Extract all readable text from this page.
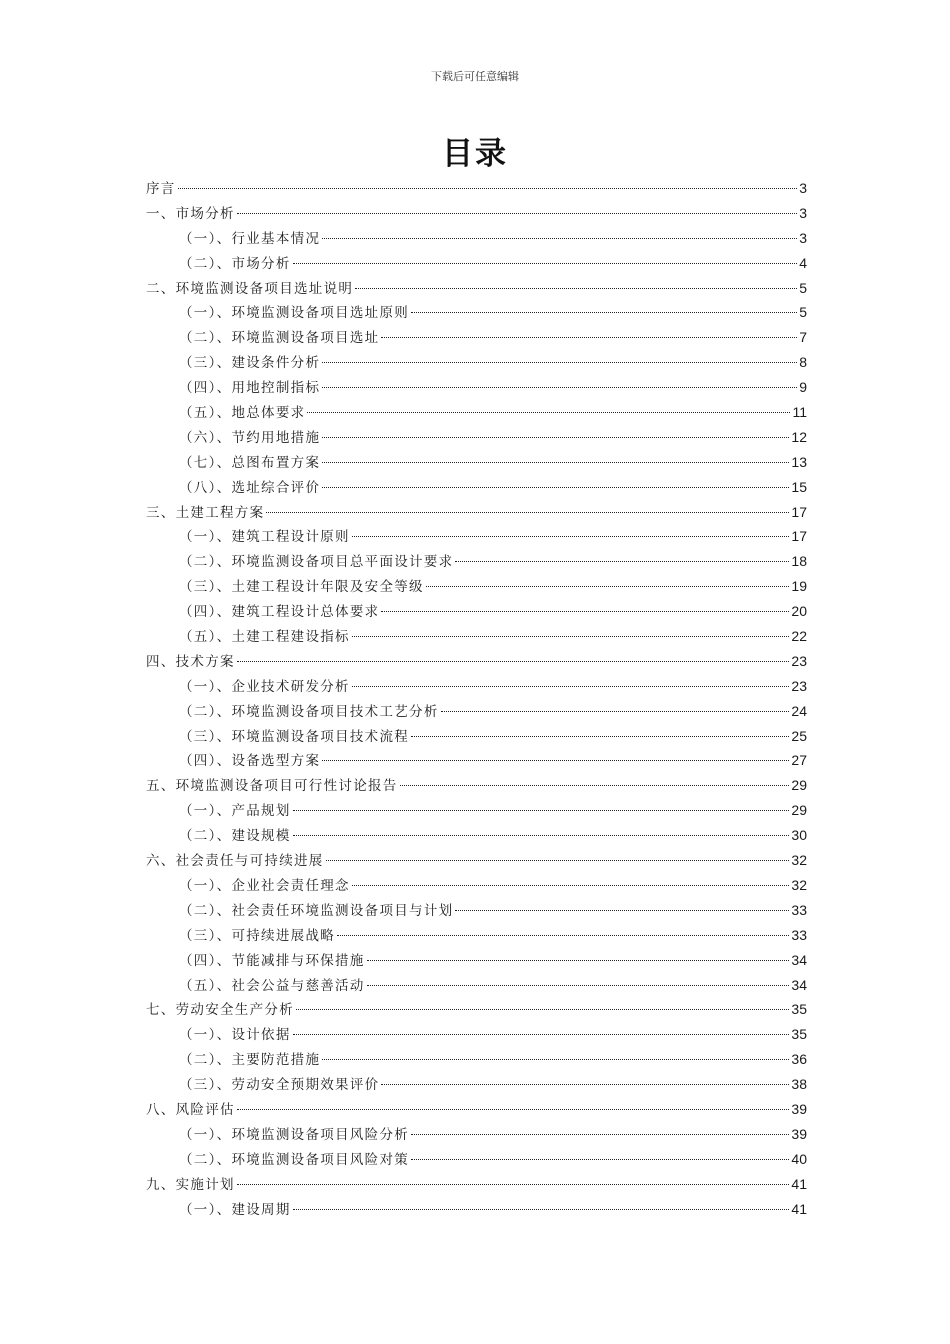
下载后可任意编辑
目录
序言	3
一、市场分析	3
（一）、行业基本情况	3
（二）、市场分析	4
二、环境监测设备项目选址说明	5
（一）、环境监测设备项目选址原则	5
（二）、环境监测设备项目选址	7
（三）、建设条件分析	8
（四）、用地控制指标	9
（五）、地总体要求	11
（六）、节约用地措施	12
（七）、总图布置方案	13
（八）、选址综合评价	15
三、土建工程方案	17
（一）、建筑工程设计原则	17
（二）、环境监测设备项目总平面设计要求	18
（三）、土建工程设计年限及安全等级	19
（四）、建筑工程设计总体要求	20
（五）、土建工程建设指标	22
四、技术方案	23
（一）、企业技术研发分析	23
（二）、环境监测设备项目技术工艺分析	24
（三）、环境监测设备项目技术流程	25
（四）、设备选型方案	27
五、环境监测设备项目可行性讨论报告	29
（一）、产品规划	29
（二）、建设规模	30
六、社会责任与可持续进展	32
（一）、企业社会责任理念	32
（二）、社会责任环境监测设备项目与计划	33
（三）、可持续进展战略	33
（四）、节能减排与环保措施	34
（五）、社会公益与慈善活动	34
七、劳动安全生产分析	35
（一）、设计依据	35
（二）、主要防范措施	36
（三）、劳动安全预期效果评价	38
八、风险评估	39
（一）、环境监测设备项目风险分析	39
（二）、环境监测设备项目风险对策	40
九、实施计划	41
（一）、建设周期	41
